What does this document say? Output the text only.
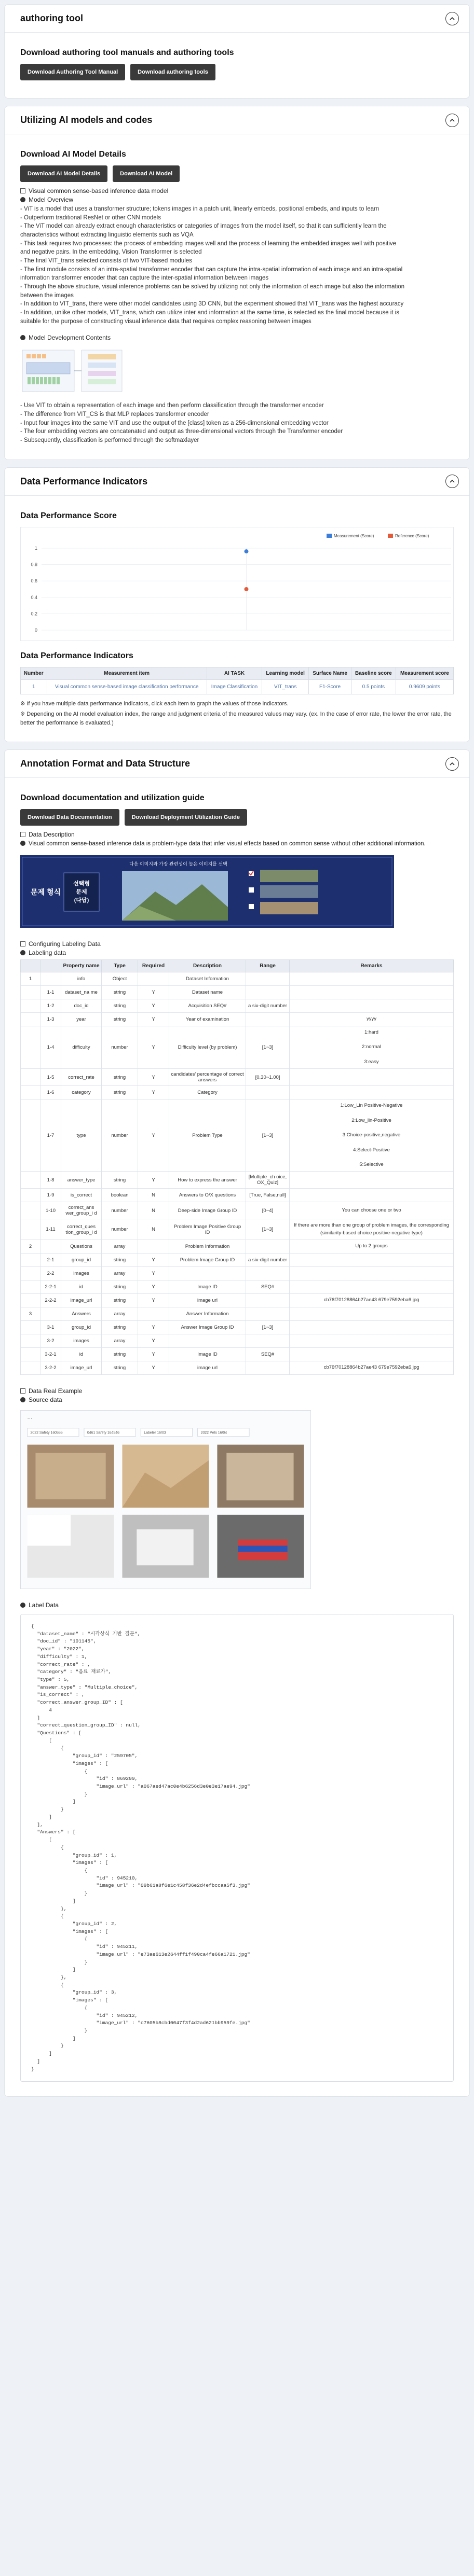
authoring tool
Download authoring tool manuals and authoring tools
Download Authoring Tool Manual	Download authoring tools
Utilizing AI models and codes
Download AI Model Details
Download AI Model Details	Download AI Model
Visual common sense-based inference data model
Model Overview

- ViT is a model that uses a transformer structure; tokens images in a patch unit, linearly embeds, positional embeds, and inputs to learn

- Outperform traditional ResNet or other CNN models

- The ViT model can already extract enough characteristics or categories of images from the model itself, so that it can sufficiently learn the

characteristics without extracting linguistic elements such as VQA

- This task requires two processes: the process of embedding images well and the process of learning the embedded images well with positive

and negative pairs. In the embedding, Vision Transformer is selected

- The final VIT_trans selected consists of two VIT-based modules

- The first module consists of an intra-spatial transformer encoder that can capture the intra-spatial information of each image and an intra-spatial

information transformer encoder that can capture the inter-spatial information between images

- Through the above structure, visual inference problems can be solved by utilizing not only the information of each image but also the information

between the images

- In addition to VIT_trans, there were other model candidates using 3D CNN, but the experiment showed that VIT_trans was the highest accuracy

- In addition, unlike other models, VIT_trans, which can utilize inter and information at the same time, is selected as the final model because it is

suitable for the purpose of constructing visual inference data that requires complex reasoning between images

Model Development Contents

- Use VIT to obtain a representation of each image and then perform classification through the transformer encoder

- The difference from VIT_CS is that MLP replaces transformer encoder

- Input four images into the same VIT and use the output of the [class] token as a 256-dimensional embedding vector

- The four embedding vectors are concatenated and output as three-dimensional vectors through the Transformer encoder

- Subsequently, classification is performed through the softmaxlayer

Data Performance Indicators
Data Performance Score
0
0.2
0.4
0.6
0.8
1
Measurement (Score)	Reference (Score)
Data Performance Indicators
Number	Measurement item	AI TASK	Learning model	Surface Name	Baseline score	Measurement score
1	Visual common sense-based image classification performance	Image Classification	VIT_trans	F1-Score	0.5 points	0.9609 points
※ If you have multiple data performance indicators, click each item to graph the values of those indicators.
※ Depending on the AI model evaluation index, the range and judgment criteria of the measured values may vary. (ex. In the case of error rate, the lower the error rate, the better the performance is evaluated.)
Annotation Format and Data Structure
Download documentation and utilization guide
Download Data Documentation	Download Deployment Utilization Guide
Data Description
Visual common sense-based inference data is problem-type data that infer visual effects based on common sense without other additional information.
문제 형식
선택형 문제 (다답)
다음 이미지와 가장 관련성이 높은 이미지를 선택
Configuring Labeling Data
Labeling data
		Property name	Type	Required	Description	Range	Remarks
1		info	Object		Dataset Information		
	1-1	dataset_na me	string	Y	Dataset name		
	1-2	doc_id	string	Y	Acquisition SEQ#	a six-digit number	
	1-3	year	string	Y	Year of examination		yyyy
	1-4	difficulty	number	Y	Difficulty level (by problem)	[1~3]	1:hard

2:normal

3:easy
	1-5	correct_rate	string	Y	candidates' percentage of correct answers	[0.30~1.00]	
	1-6	category	string	Y	Category		
	1-7	type	number	Y	Problem Type	[1~3]	1:Low_Lin Positive-Negative

2:Low_lin-Positive

3:Choice-positive,negative

4:Select-Positive

5:Selective
	1-8	answer_type	string	Y	How to express the answer	[Multiple_ch oice, OX_Quiz]	
	1-9	is_correct	boolean	N	Answers to O/X questions	[True, False,null]	
	1-10	correct_ans wer_group_i d	number	N	Deep-side Image Group ID	[0~4]	You can choose one or two
	1-11	correct_ques tion_group_i d	number	N	Problem Image Positive Group ID	[1~3]	If there are more than one group of problem images, the corresponding (similarity-based choice positive-negative type)
2		Questions	array		Problem Information		Up to 2 groups
	2-1	group_id	string	Y	Problem Image Group ID	a six-digit number	
	2-2	images	array	Y			
	2-2-1	id	string	Y	Image ID	SEQ#	
	2-2-2	image_url	string	Y	image url		cb76f70128864b27ae43 679e7592eba6.jpg
3		Answers	array		Answer Information		
	3-1	group_id	string	Y	Answer Image Group ID	[1~3]	
	3-2	images	array	Y			
	3-2-1	id	string	Y	Image ID	SEQ#	
	3-2-2	image_url	string	Y	image url		cb76f70128864b27ae43 679e7592eba6.jpg
Data Real Example
Source data
···
2022 Safety 160555	0461 Safety 164546	Labeler 16/03	2022 Pets 16/04
Label Data
{
"dataset_name" : "시각상식 기반 질문",
"doc_id" : "101145",
"year" : "2022",
"difficulty" : 1,
"correct_rate" : ,
"category" : "음료 재료가",
"type" : 5,
"answer_type" : "Multiple_choice",
"is_correct" : ,
"correct_answer_group_ID" : [
4
]
"correct_question_group_ID" : null,
"Questions" : [
[
{
"group_id" : "259705",
"images" : [
{
"id" : 869209,
"image_url" : "a067aed47ac0e4b6256d3e0e3e17ae94.jpg"
}
]
}
]
],
"Answers" : [
[
{
"group_id" : 1,
"images" : [
{
"id" : 945210,
"image_url" : "09b61a8f6e1c458f36e2d4efbccaa5f3.jpg"
}
]
},
{
"group_id" : 2,
"images" : [
{
"id" : 945211,
"image_url" : "e73ae613e2644ff1f490ca4fe66a1721.jpg"
}
]
},
{
"group_id" : 3,
"images" : [
{
"id" : 945212,
"image_url" : "c7605b8cbd0047f3f4d2ad621bb959fe.jpg"
}
]
}
]
]
}
